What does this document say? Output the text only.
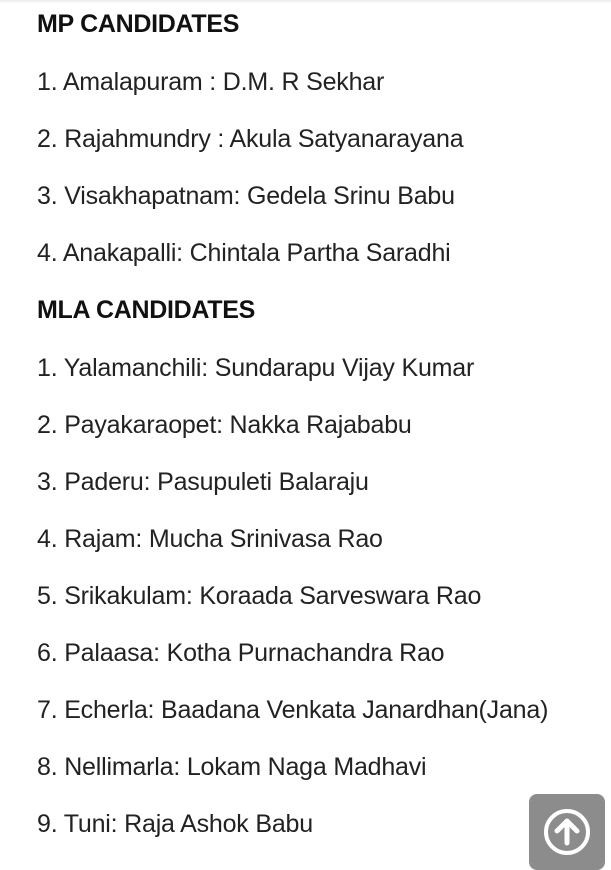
MP CANDIDATES
1. Amalapuram : D.M. R Sekhar
2. Rajahmundry : Akula Satyanarayana
3. Visakhapatnam: Gedela Srinu Babu
4. Anakapalli: Chintala Partha Saradhi
MLA CANDIDATES
1. Yalamanchili: Sundarapu Vijay Kumar
2. Payakaraopet: Nakka Rajababu
3. Paderu: Pasupuleti Balaraju
4. Rajam: Mucha Srinivasa Rao
5. Srikakulam: Koraada Sarveswara Rao
6. Palaasa: Kotha Purnachandra Rao
7. Echerla: Baadana Venkata Janardhan(Jana)
8. Nellimarla: Lokam Naga Madhavi
9. Tuni: Raja Ashok Babu
